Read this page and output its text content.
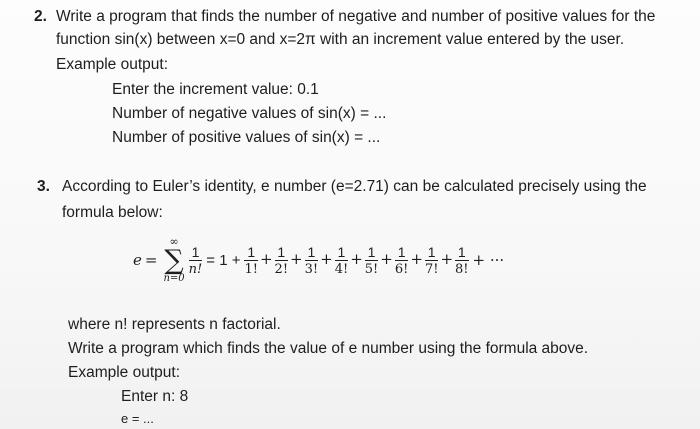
2. Write a program that finds the number of negative and number of positive values for the
function sin(x) between x=0 and x=2π with an increment value entered by the user.
Example output:
Enter the increment value: 0.1
Number of negative values of sin(x) = ...
Number of positive values of sin(x) = ...
3. According to Euler’s identity, e number (e=2.71) can be calculated precisely using the
formula below:
e =
∞
∑
n=0
$\frac{1}{n!} = 1 + \frac{1}{1!} + \frac{1}{2!} + \frac{1}{3!} + \frac{1}{4!} + \frac{1}{5!} + \frac{1}{6!} + \frac{1}{7!} + \frac{1}{8!}$ + ···
where n! represents n factorial.
Write a program which finds the value of e number using the formula above.
Example output:
Enter n: 8
e = ...
